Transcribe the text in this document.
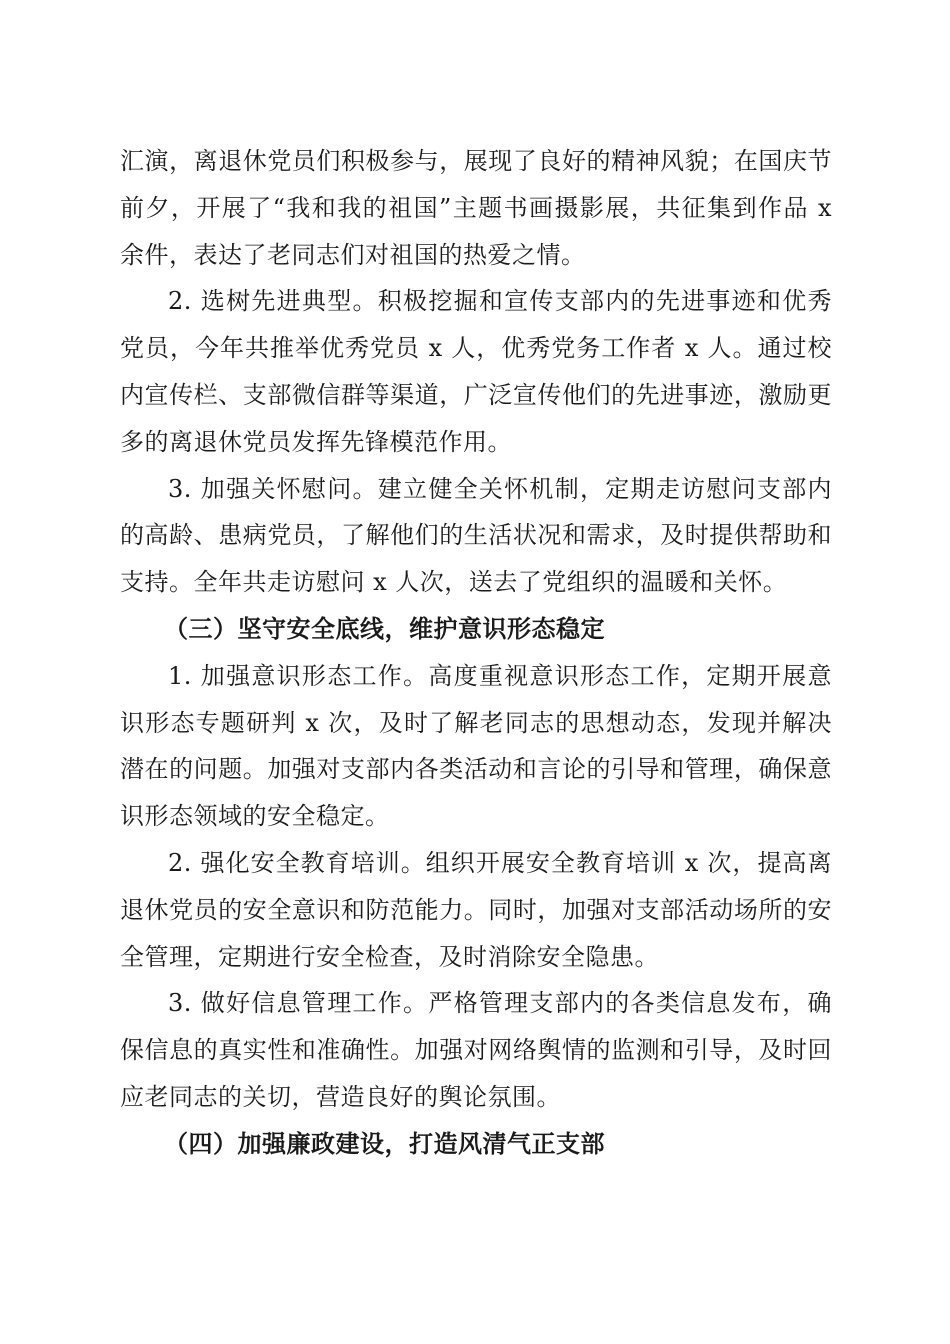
汇演，离退休党员们积极参与，展现了良好的精神风貌；在国庆节前夕，开展了“我和我的祖国”主题书画摄影展，共征集到作品 x 余件，表达了老同志们对祖国的热爱之情。

2. 选树先进典型。积极挖掘和宣传支部内的先进事迹和优秀党员，今年共推举优秀党员 x 人，优秀党务工作者 x 人。通过校内宣传栏、支部微信群等渠道，广泛宣传他们的先进事迹，激励更多的离退休党员发挥先锋模范作用。

3. 加强关怀慰问。建立健全关怀机制，定期走访慰问支部内的高龄、患病党员，了解他们的生活状况和需求，及时提供帮助和支持。全年共走访慰问 x 人次，送去了党组织的温暖和关怀。

（三）坚守安全底线，维护意识形态稳定

1. 加强意识形态工作。高度重视意识形态工作，定期开展意识形态专题研判 x 次，及时了解老同志的思想动态，发现并解决潜在的问题。加强对支部内各类活动和言论的引导和管理，确保意识形态领域的安全稳定。

2. 强化安全教育培训。组织开展安全教育培训 x 次，提高离退休党员的安全意识和防范能力。同时，加强对支部活动场所的安全管理，定期进行安全检查，及时消除安全隐患。

3. 做好信息管理工作。严格管理支部内的各类信息发布，确保信息的真实性和准确性。加强对网络舆情的监测和引导，及时回应老同志的关切，营造良好的舆论氛围。

（四）加强廉政建设，打造风清气正支部
